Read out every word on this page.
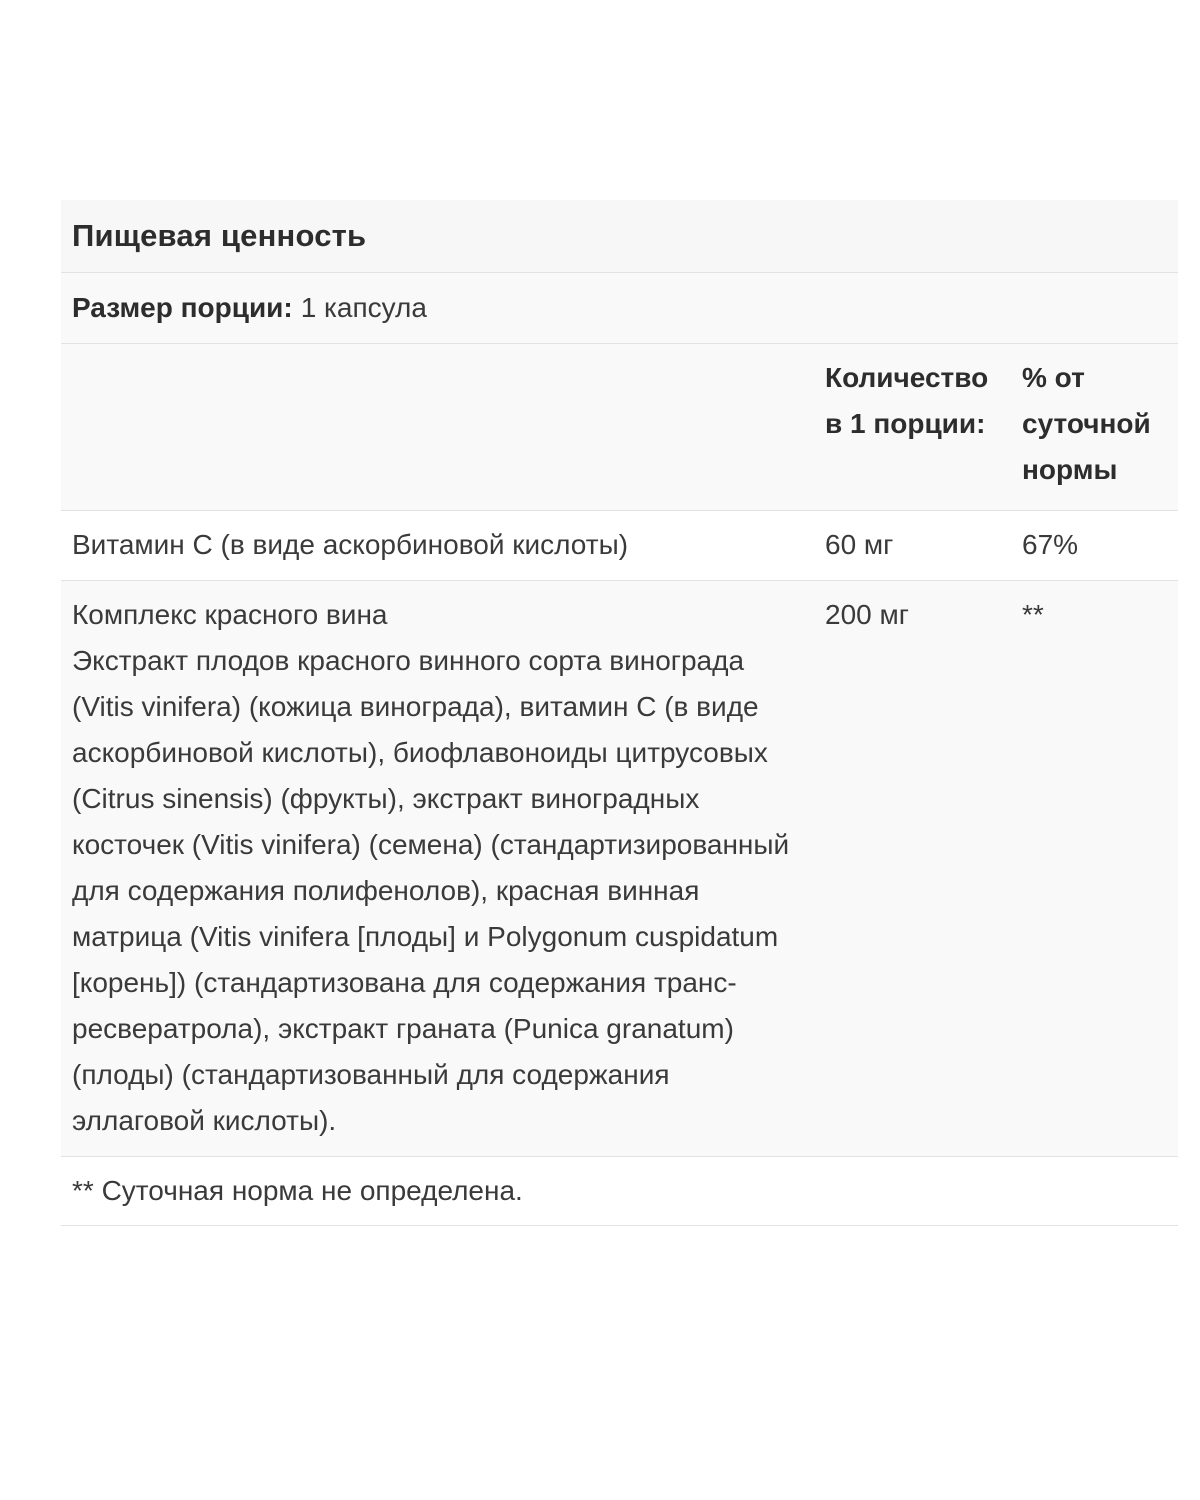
Пищевая ценность
Размер порции: 1 капсула
	Количество в 1 порции:	% от суточной нормы

Витамин С (в виде аскорбиновой кислоты)	60 мг	67%

Комплекс красного вина
Экстракт плодов красного винного сорта винограда (Vitis vinifera) (кожица винограда), витамин С (в виде аскорбиновой кислоты), биофлавоноиды цитрусовых (Citrus sinensis) (фрукты), экстракт виноградных косточек (Vitis vinifera) (семена) (стандартизированный для содержания полифенолов), красная винная матрица (Vitis vinifera [плоды] и Polygonum cuspidatum [корень]) (стандартизована для содержания транс-ресвератрола), экстракт граната (Punica granatum) (плоды) (стандартизованный для содержания эллаговой кислоты).	200 мг	**
** Суточная норма не определена.
